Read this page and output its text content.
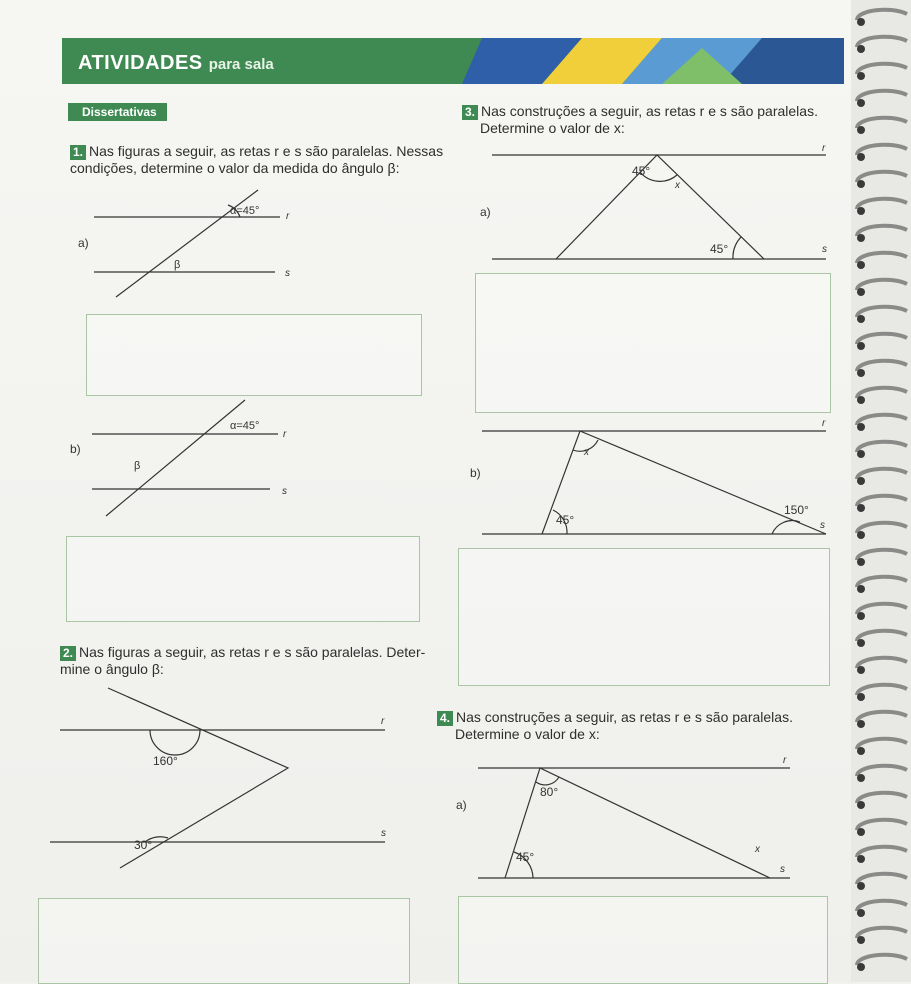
ATIVIDADES para sala
Dissertativas
1. Nas figuras a seguir, as retas r e s são paralelas. Nessas
condições, determine o valor da medida do ângulo β:
3. Nas construções a seguir, as retas r e s são paralelas.
Determine o valor de x:
2. Nas figuras a seguir, as retas r e s são paralelas. Deter-
mine o ângulo β:
4. Nas construções a seguir, as retas r e s são paralelas.
Determine o valor de x:
a)
α=45°
β
r
s
b)
α=45°
β
r
s
a)
45°
45°
x
r
s
b)
45°
150°
x
r
s
160°
30°
r
s
a)
80°
45°
x
r
s
